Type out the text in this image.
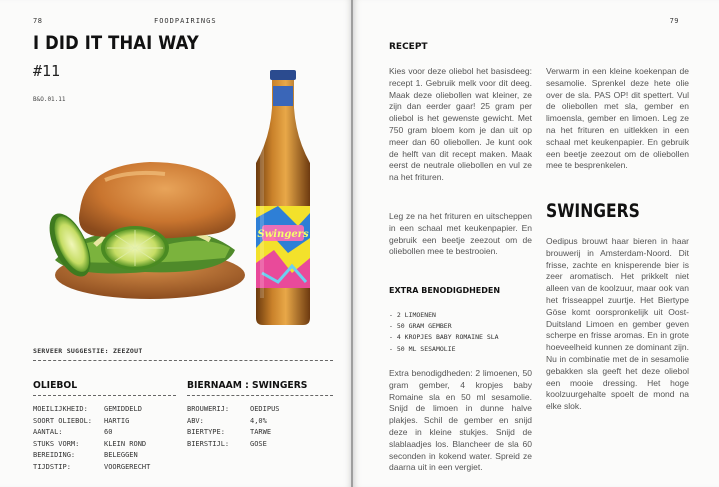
78	FOODPAIRINGS
I DID IT THAI WAY
#11
B&O.01.11
Swingers
SERVEER SUGGESTIE: ZEEZOUT
OLIEBOL
MOEILIJKHEID: GEMIDDELD
SOORT OLIEBOL: HARTIG
AANTAL:	60
STUKS VORM:	KLEIN ROND
BEREIDING:	BELEGGEN
TIJDSTIP:	VOORGERECHT
BIERNAAM : SWINGERS
BROUWERIJ:	OEDIPUS
ABV:	4,0%
BIERTYPE:	TARWE
BIERSTIJL:	GOSE
79
RECEPT

Kies voor deze oliebol het basisdeeg: recept 1. Gebruik melk voor dit deeg. Maak deze oliebollen wat kleiner, ze zijn dan eerder gaar! 25 gram per oliebol is het gewenste gewicht. Met 750 gram bloem kom je dan uit op meer dan 60 oliebollen. Je kunt ook de helft van dit recept maken. Maak eerst de neutrale oliebollen en vul ze na het frituren.

Leg ze na het frituren en uitscheppen in een schaal met keukenpapier. En gebruik een beetje zeezout om de oliebollen mee te bestrooien.

EXTRA BENODIGDHEDEN
- 2 LIMOENEN
- 50 GRAM GEMBER
- 4 KROPJES BABY ROMAINE SLA
- 50 ML SESAMOLIE

Extra benodigdheden: 2 limoenen, 50 gram gember, 4 kropjes baby Romaine sla en 50 ml sesamolie. Snijd de limoen in dunne halve plakjes. Schil de gember en snijd deze in kleine stukjes. Snijd de slablaadjes los. Blancheer de sla 60 seconden in kokend water. Spreid ze daarna uit in een vergiet.

Verwarm in een kleine koekenpan de sesamolie. Sprenkel deze hete olie over de sla. PAS OP! dit spettert. Vul de oliebollen met sla, gember en limoensla, gember en limoen. Leg ze na het frituren en uitlekken in een schaal met keukenpapier. En gebruik een beetje zeezout om de oliebollen mee te besprenkelen.

SWINGERS

Oedipus brouwt haar bieren in haar brouwerij in Amsterdam-Noord. Dit frisse, zachte en knisperende bier is zeer aromatisch. Het prikkelt niet alleen van de koolzuur, maar ook van het frisseappel zuurtje. Het Biertype Göse komt oorspronkelijk uit Oost-Duitsland Limoen en gember geven scherpe en frisse aromas. En in grote hoeveelheid kunnen ze dominant zijn. Nu in combinatie met de in sesamolie gebakken sla geeft het deze oliebol een mooie dressing. Het hoge koolzuurgehalte spoelt de mond na elke slok.
